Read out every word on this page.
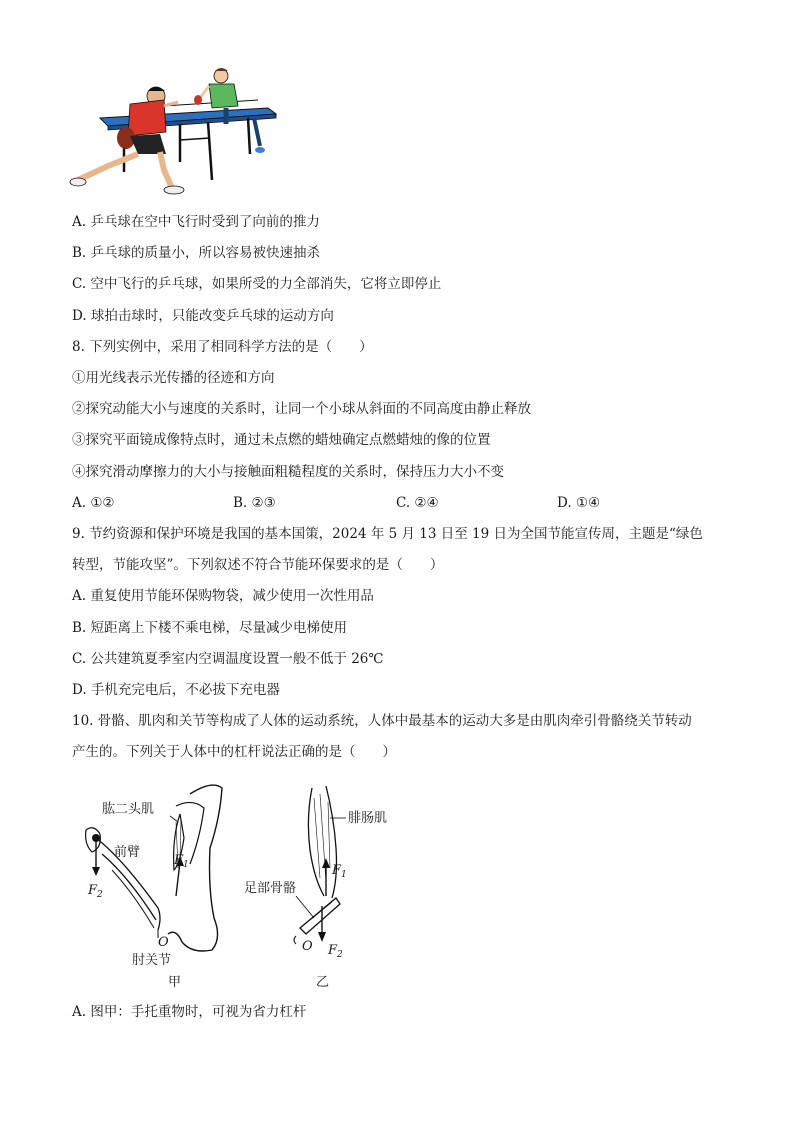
A. 乒乓球在空中飞行时受到了向前的推力
B. 乒乓球的质量小，所以容易被快速抽杀
C. 空中飞行的乒乓球，如果所受的力全部消失，它将立即停止
D. 球拍击球时，只能改变乒乓球的运动方向
8. 下列实例中，采用了相同科学方法的是（　　）
①用光线表示光传播的径迹和方向
②探究动能大小与速度的关系时，让同一个小球从斜面的不同高度由静止释放
③探究平面镜成像特点时，通过未点燃的蜡烛确定点燃蜡烛的像的位置
④探究滑动摩擦力的大小与接触面粗糙程度的关系时，保持压力大小不变
A. ①②	B. ②③	C. ②④	D. ①④
9. 节约资源和保护环境是我国的基本国策，2024 年 5 月 13 日至 19 日为全国节能宣传周，主题是“绿色
转型，节能攻坚”。下列叙述不符合节能环保要求的是（　　）
A. 重复使用节能环保购物袋，减少使用一次性用品
B. 短距离上下楼不乘电梯，尽量减少电梯使用
C. 公共建筑夏季室内空调温度设置一般不低于 26℃
D. 手机充完电后，不必拔下充电器
10. 骨骼、肌肉和关节等构成了人体的运动系统，人体中最基本的运动大多是由肌肉牵引骨骼绕关节转动
产生的。下列关于人体中的杠杆说法正确的是（　　）
肱二头肌
前臂
$F_1$
$F_2$
O
肘关节
甲
腓肠肌
$F_1$
足部骨骼
O $F_2$
乙
A. 图甲：手托重物时，可视为省力杠杆
